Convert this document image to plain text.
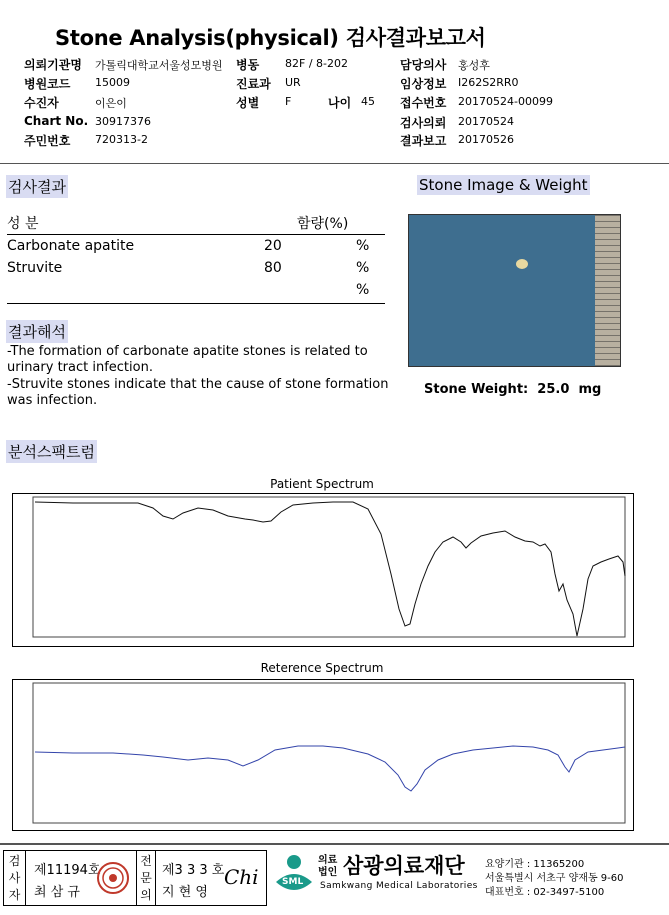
Stone Analysis(physical) 검사결과보고서
의뢰기관명 가톨릭대학교서울성모병원 병동 82F / 8-202	담당의사 홍성후
병원코드 15009	진료과 UR	임상정보 I262S2RR0
수진자	이은이	성별 F	나이 45 접수번호 20170524-00099
Chart No. 30917376	검사의뢰 20170524
주민번호 720313-2	결과보고 20170526
검사결과
성 분	함량(%)
Carbonate apatite	20	%
Struvite	80	%
%
Stone Image & Weight
Stone Weight: 25.0 mg
결과해석
-The formation of carbonate apatite stones is related to urinary tract infection.
-Struvite stones indicate that the cause of stone formation was infection.
분석스팩트럼
Patient Spectrum
Reterence Spectrum
검사자
제11194호
최 삼 규
전문의
제3 3 3 호
지 현 영
Chi	SML
의료
법인 삼광의료재단
Samkwang Medical Laboratories
요양기관 : 11365200
서울특별시 서초구 양재동 9-60
대표번호 : 02-3497-5100
